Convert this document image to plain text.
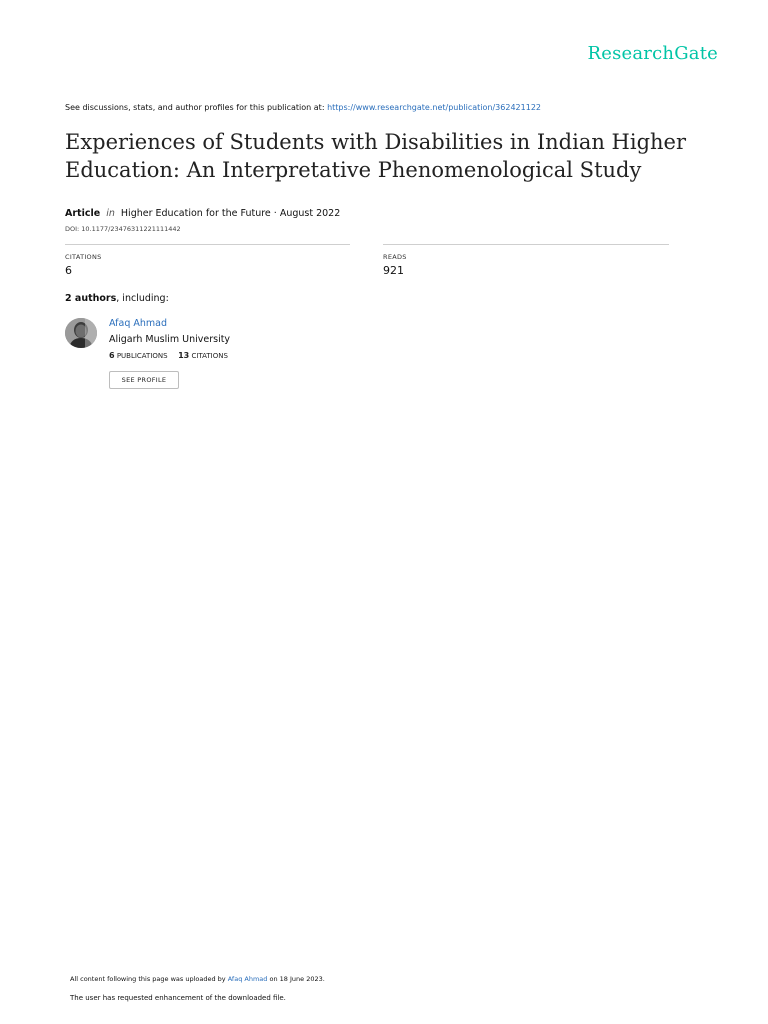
ResearchGate
See discussions, stats, and author profiles for this publication at: https://www.researchgate.net/publication/362421122
Experiences of Students with Disabilities in Indian Higher Education: An Interpretative Phenomenological Study
Article in Higher Education for the Future · August 2022
DOI: 10.1177/23476311221111442
CITATIONS
6
READS
921
2 authors, including:
Afaq Ahmad
Aligarh Muslim University
6 PUBLICATIONS 13 CITATIONS
SEE PROFILE
All content following this page was uploaded by Afaq Ahmad on 18 June 2023.
The user has requested enhancement of the downloaded file.
